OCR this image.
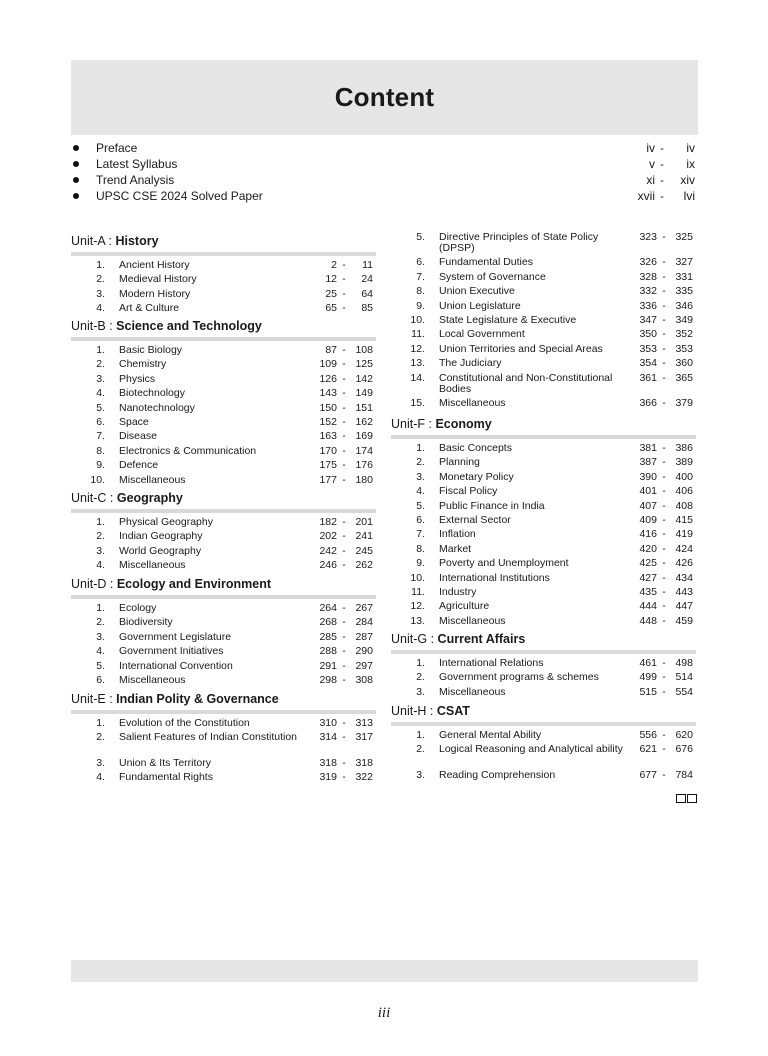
Content
Preface	iv -	iv
Latest Syllabus	v -	ix
Trend Analysis	xi -	xiv
UPSC CSE 2024 Solved Paper	xvii -	lvi
Unit-A : History
1. Ancient History	2 -	11
2. Medieval History	12 -	24
3. Modern History	25 -	64
4. Art & Culture	65 -	85
Unit-B : Science and Technology
1. Basic Biology	87 - 108
2. Chemistry	109 - 125
3. Physics	126 - 142
4. Biotechnology	143 - 149
5. Nanotechnology	150 - 151
6. Space	152 - 162
7. Disease	163 - 169
8. Electronics & Communication	170 - 174
9. Defence	175 - 176
10. Miscellaneous	177 - 180
Unit-C : Geography
1. Physical Geography	182 - 201
2. Indian Geography	202 - 241
3. World Geography	242 - 245
4. Miscellaneous	246 - 262
Unit-D : Ecology and Environment
1. Ecology	264 - 267
2. Biodiversity	268 - 284
3. Government Legislature	285 - 287
4. Government Initiatives	288 - 290
5. International Convention	291 - 297
6. Miscellaneous	298 - 308
Unit-E : Indian Polity & Governance
1. Evolution of the Constitution	310 - 313
2. Salient Features of Indian Constitution	314 - 317
3. Union & Its Territory	318 - 318
4. Fundamental Rights	319 - 322
5. Directive Principles of State Policy (DPSP)
323 - 325
6. Fundamental Duties	326 - 327
7. System of Governance	328 - 331
8. Union Executive	332 - 335
9. Union Legislature	336 - 346
10. State Legislature & Executive	347 - 349
11. Local Government	350 - 352
12. Union Territories and Special Areas	353 - 353
13. The Judiciary	354 - 360
14. Constitutional and Non-Constitutional Bodies
361 - 365
15. Miscellaneous	366 - 379
Unit-F : Economy
1. Basic Concepts	381 - 386
2. Planning	387 - 389
3. Monetary Policy	390 - 400
4. Fiscal Policy	401 - 406
5. Public Finance in India	407 - 408
6. External Sector	409 - 415
7. Inflation	416 - 419
8. Market	420 - 424
9. Poverty and Unemployment	425 - 426
10. International Institutions	427 - 434
11. Industry	435 - 443
12. Agriculture	444 - 447
13. Miscellaneous	448 - 459
Unit-G : Current Affairs
1. International Relations	461 - 498
2. Government programs & schemes	499 - 514
3. Miscellaneous	515 - 554
Unit-H : CSAT
1. General Mental Ability	556 - 620
2. Logical Reasoning and Analytical ability	621 - 676
3. Reading Comprehension	677 - 784
iii
